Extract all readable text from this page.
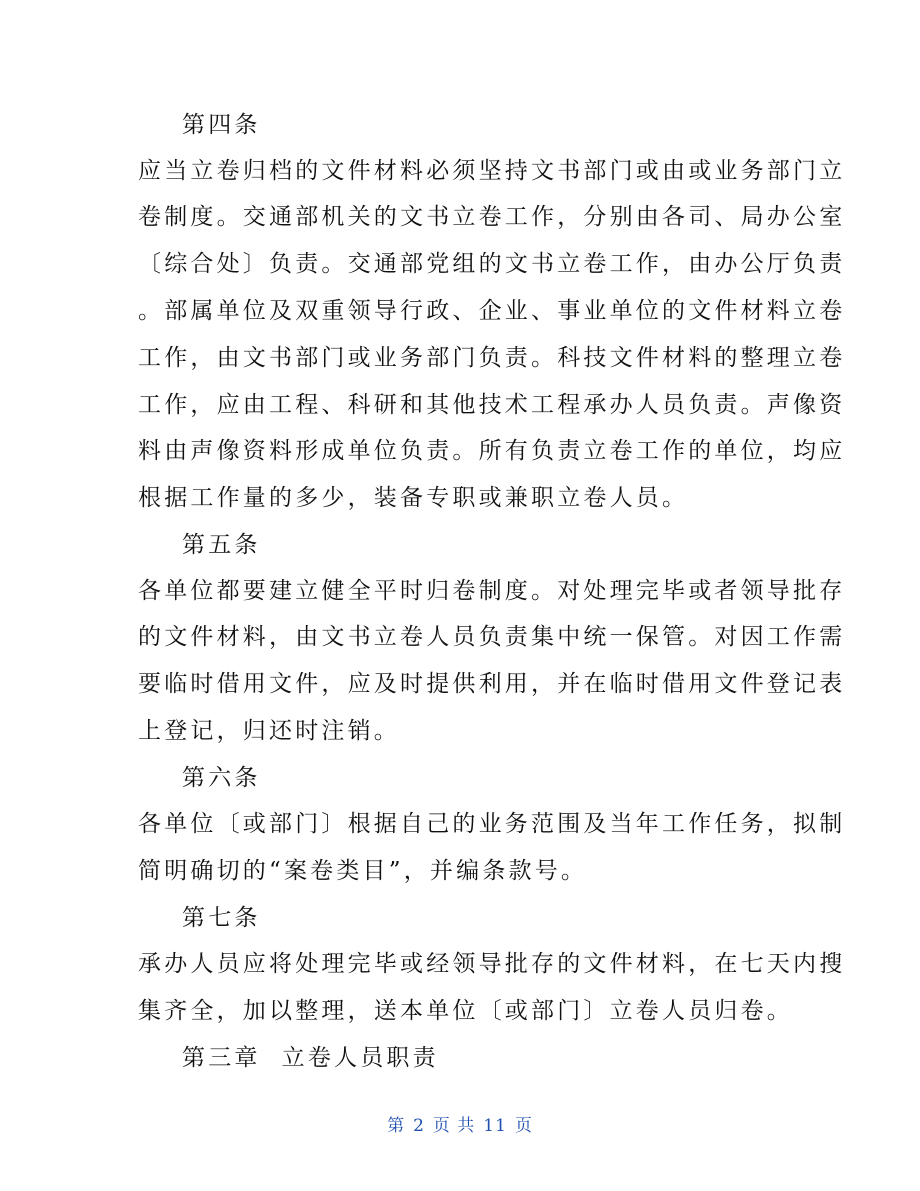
第四条
应当立卷归档的文件材料必须坚持文书部门或由或业务部门立
卷制度。交通部机关的文书立卷工作，分别由各司、局办公室
〔综合处〕负责。交通部党组的文书立卷工作，由办公厅负责
。部属单位及双重领导行政、企业、事业单位的文件材料立卷
工作，由文书部门或业务部门负责。科技文件材料的整理立卷
工作，应由工程、科研和其他技术工程承办人员负责。声像资
料由声像资料形成单位负责。所有负责立卷工作的单位，均应
根据工作量的多少，装备专职或兼职立卷人员。
第五条
各单位都要建立健全平时归卷制度。对处理完毕或者领导批存
的文件材料，由文书立卷人员负责集中统一保管。对因工作需
要临时借用文件，应及时提供利用，并在临时借用文件登记表
上登记，归还时注销。
第六条
各单位〔或部门〕根据自己的业务范围及当年工作任务，拟制
简明确切的“案卷类目”，并编条款号。
第七条
承办人员应将处理完毕或经领导批存的文件材料，在七天内搜
集齐全，加以整理，送本单位〔或部门〕立卷人员归卷。
第三章  立卷人员职责
第 2 页 共 11 页
